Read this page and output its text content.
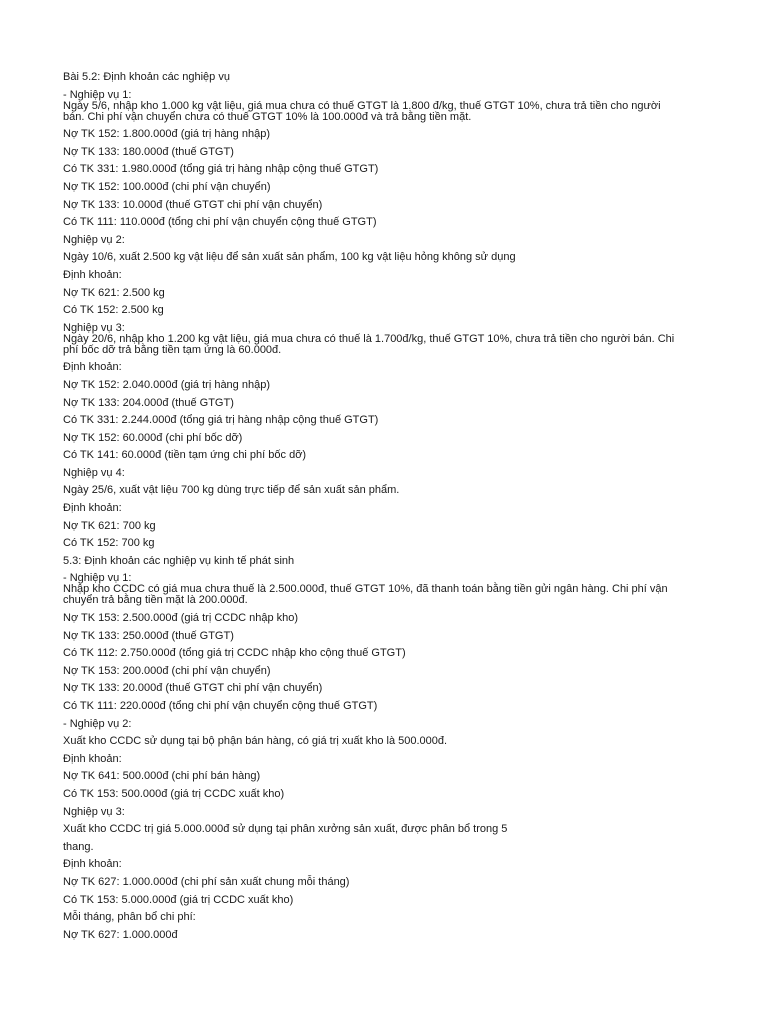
Bài 5.2: Định khoản các nghiệp vụ
- Nghiệp vụ 1:
Ngày 5/6, nhập kho 1.000 kg vật liệu, giá mua chưa có thuế GTGT là 1.800 đ/kg, thuế GTGT 10%, chưa trả tiền cho người bán. Chi phí vận chuyển chưa có thuế GTGT 10% là 100.000đ và trả bằng tiền mặt.
Nợ TK 152: 1.800.000đ (giá trị hàng nhập)
Nợ TK 133: 180.000đ (thuế GTGT)
Có TK 331: 1.980.000đ (tổng giá trị hàng nhập cộng thuế GTGT)
Nợ TK 152: 100.000đ (chi phí vận chuyển)
Nợ TK 133: 10.000đ (thuế GTGT chi phí vận chuyển)
Có TK 111: 110.000đ (tổng chi phí vận chuyển cộng thuế GTGT)
Nghiệp vụ 2:
Ngày 10/6, xuất 2.500 kg vật liệu để sản xuất sản phẩm, 100 kg vật liệu hỏng không sử dụng
Định khoản:
Nợ TK 621: 2.500 kg
Có TK 152: 2.500 kg
Nghiệp vụ 3:
Ngày 20/6, nhập kho 1.200 kg vật liệu, giá mua chưa có thuế là 1.700đ/kg, thuế GTGT 10%, chưa trả tiền cho người bán. Chi phí bốc dỡ trả bằng tiền tạm ứng là 60.000đ.
Định khoản:
Nợ TK 152: 2.040.000đ (giá trị hàng nhập)
Nợ TK 133: 204.000đ (thuế GTGT)
Có TK 331: 2.244.000đ (tổng giá trị hàng nhập cộng thuế GTGT)
Nợ TK 152: 60.000đ (chi phí bốc dỡ)
Có TK 141: 60.000đ (tiền tạm ứng chi phí bốc dỡ)
Nghiệp vụ 4:
Ngày 25/6, xuất vật liệu 700 kg dùng trực tiếp để sản xuất sản phẩm.
Định khoản:
Nợ TK 621: 700 kg
Có TK 152: 700 kg
5.3: Định khoản các nghiệp vụ kinh tế phát sinh
- Nghiệp vụ 1:
Nhập kho CCDC có giá mua chưa thuế là 2.500.000đ, thuế GTGT 10%, đã thanh toán bằng tiền gửi ngân hàng. Chi phí vận chuyển trả bằng tiền mặt là 200.000đ.
Nợ TK 153: 2.500.000đ (giá trị CCDC nhập kho)
Nợ TK 133: 250.000đ (thuế GTGT)
Có TK 112: 2.750.000đ (tổng giá trị CCDC nhập kho cộng thuế GTGT)
Nợ TK 153: 200.000đ (chi phí vận chuyển)
Nợ TK 133: 20.000đ (thuế GTGT chi phí vận chuyển)
Có TK 111: 220.000đ (tổng chi phí vận chuyển cộng thuế GTGT)
- Nghiệp vụ 2:
Xuất kho CCDC sử dụng tại bộ phận bán hàng, có giá trị xuất kho là 500.000đ.
Định khoản:
Nợ TK 641: 500.000đ (chi phí bán hàng)
Có TK 153: 500.000đ (giá trị CCDC xuất kho)
Nghiệp vụ 3:
Xuất kho CCDC trị giá 5.000.000đ sử dụng tại phân xưởng sản xuất, được phân bổ trong 5
thang.
Định khoản:
Nợ TK 627: 1.000.000đ (chi phí sản xuất chung mỗi tháng)
Có TK 153: 5.000.000đ (giá trị CCDC xuất kho)
Mỗi tháng, phân bổ chi phí:
Nợ TK 627: 1.000.000đ
